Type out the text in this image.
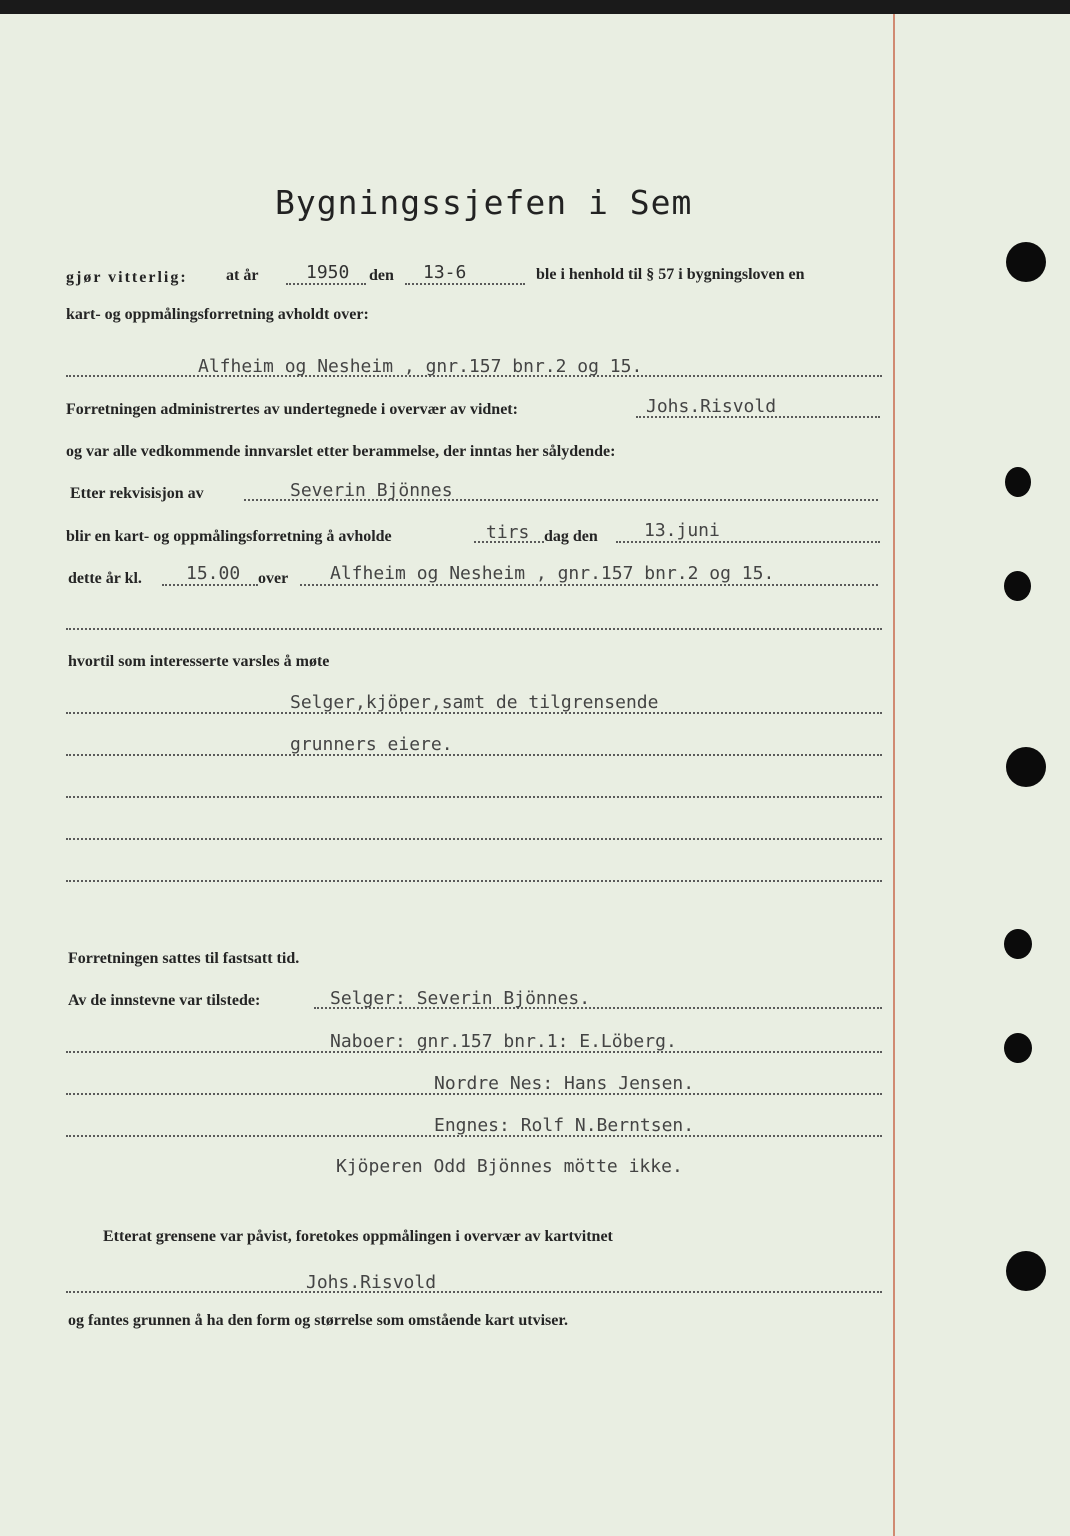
Bygningssjefen i Sem
gjør vitterlig: at år	1950 den 13-6	ble i henhold til § 57 i bygningsloven en
kart- og oppmålingsforretning avholdt over:
Alfheim og Nesheim , gnr.157 bnr.2 og 15.
Forretningen administrertes av undertegnede i overvær av vidnet:	Johs.Risvold
og var alle vedkommende innvarslet etter berammelse, der inntas her sålydende:
Etter rekvisisjon av	Severin Bjönnes
blir en kart- og oppmålingsforretning å avholde	tirs dag den	13.juni
dette år kl. 15.00 over Alfheim og Nesheim , gnr.157 bnr.2 og 15.
hvortil som interesserte varsles å møte
Selger,kjöper,samt de tilgrensende
grunners eiere.
Forretningen sattes til fastsatt tid.
Av de innstevne var tilstede:	Selger: Severin Bjönnes.
Naboer: gnr.157 bnr.1: E.Löberg.
Nordre Nes: Hans Jensen.
Engnes: Rolf N.Berntsen.
Kjöperen Odd Bjönnes mötte ikke.
Etterat grensene var påvist, foretokes oppmålingen i overvær av kartvitnet
Johs.Risvold
og fantes grunnen å ha den form og størrelse som omstående kart utviser.
